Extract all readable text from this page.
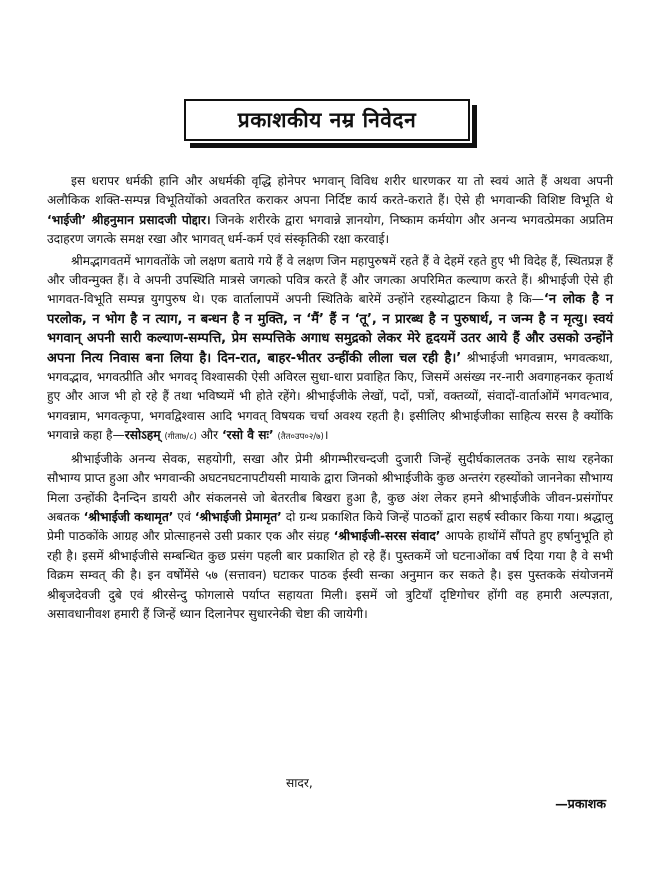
प्रकाशकीय नम्र निवेदन

इस धरापर धर्मकी हानि और अधर्मकी वृद्धि होनेपर भगवान् विविध शरीर धारणकर या तो स्वयं आते हैं अथवा अपनी अलौकिक शक्ति-सम्पन्न विभूतियोंको अवतरित कराकर अपना निर्दिष्ट कार्य करते-कराते हैं। ऐसे ही भगवान्की विशिष्ट विभूति थे ‘भाईजी’ श्रीहनुमान प्रसादजी पोद्दार। जिनके शरीरके द्वारा भगवान्ने ज्ञानयोग, निष्काम कर्मयोग और अनन्य भगवत्प्रेमका अप्रतिम उदाहरण जगत्के समक्ष रखा और भागवत् धर्म-कर्म एवं संस्कृतिकी रक्षा करवाई।

श्रीमद्भागवतमें भागवतोंके जो लक्षण बताये गये हैं वे लक्षण जिन महापुरुषमें रहते हैं वे देहमें रहते हुए भी विदेह हैं, स्थितप्रज्ञ हैं और जीवन्मुक्त हैं। वे अपनी उपस्थिति मात्रसे जगत्को पवित्र करते हैं और जगत्का अपरिमित कल्याण करते हैं। श्रीभाईजी ऐसे ही भागवत-विभूति सम्पन्न युगपुरुष थे। एक वार्तालापमें अपनी स्थितिके बारेमें उन्होंने रहस्योद्घाटन किया है कि—‘न लोक है न परलोक, न भोग है न त्याग, न बन्धन है न मुक्ति, न ‘मैं’ हैं न ‘तू’, न प्रारब्ध है न पुरुषार्थ, न जन्म है न मृत्यु। स्वयं भगवान् अपनी सारी कल्याण-सम्पत्ति, प्रेम सम्पत्तिके अगाध समुद्रको लेकर मेरे हृदयमें उतर आये हैं और उसको उन्होंने अपना नित्य निवास बना लिया है। दिन-रात, बाहर-भीतर उन्हींकी लीला चल रही है।’ श्रीभाईजी भगवन्नाम, भगवत्कथा, भगवद्भाव, भगवत्प्रीति और भगवद् विश्वासकी ऐसी अविरल सुधा-धारा प्रवाहित किए, जिसमें असंख्य नर-नारी अवगाहनकर कृतार्थ हुए और आज भी हो रहे हैं तथा भविष्यमें भी होते रहेंगे। श्रीभाईजीके लेखों, पदों, पत्रों, वक्तव्यों, संवादों-वार्ताओंमें भगवत्भाव, भगवन्नाम, भगवत्कृपा, भगवद्विश्वास आदि भगवत् विषयक चर्चा अवश्य रहती है। इसीलिए श्रीभाईजीका साहित्य सरस है क्योंकि भगवान्ने कहा है—रसोऽहम् (गीता७/८) और ‘रसो वै सः’ (तैत०उप०२/७)।

श्रीभाईजीके अनन्य सेवक, सहयोगी, सखा और प्रेमी श्रीगम्भीरचन्दजी दुजारी जिन्हें सुदीर्घकालतक उनके साथ रहनेका सौभाग्य प्राप्त हुआ और भगवान्की अघटनघटनापटीयसी मायाके द्वारा जिनको श्रीभाईजीके कुछ अन्तरंग रहस्योंको जाननेका सौभाग्य मिला उन्होंकी दैनन्दिन डायरी और संकलनसे जो बेतरतीब बिखरा हुआ है, कुछ अंश लेकर हमने श्रीभाईजीके जीवन-प्रसंगोंपर अबतक ‘श्रीभाईजी कथामृत’ एवं ‘श्रीभाईजी प्रेमामृत’ दो ग्रन्थ प्रकाशित किये जिन्हें पाठकों द्वारा सहर्ष स्वीकार किया गया। श्रद्धालु प्रेमी पाठकोंके आग्रह और प्रोत्साहनसे उसी प्रकार एक और संग्रह ‘श्रीभाईजी-सरस संवाद’ आपके हाथोंमें सौंपते हुए हर्षानुभूति हो रही है। इसमें श्रीभाईजीसे सम्बन्धित कुछ प्रसंग पहली बार प्रकाशित हो रहे हैं। पुस्तकमें जो घटनाओंका वर्ष दिया गया है वे सभी विक्रम सम्वत् की है। इन वर्षोंमेंसे ५७ (सत्तावन) घटाकर पाठक ईस्वी सन्का अनुमान कर सकते है। इस पुस्तकके संयोजनमें श्रीबृजदेवजी दुबे एवं श्रीरसेन्दु फोगलासे पर्याप्त सहायता मिली। इसमें जो त्रुटियाँ दृष्टिगोचर होंगी वह हमारी अल्पज्ञता, असावधानीवश हमारी हैं जिन्हें ध्यान दिलानेपर सुधारनेकी चेष्टा की जायेगी।

सादर,
—प्रकाशक
